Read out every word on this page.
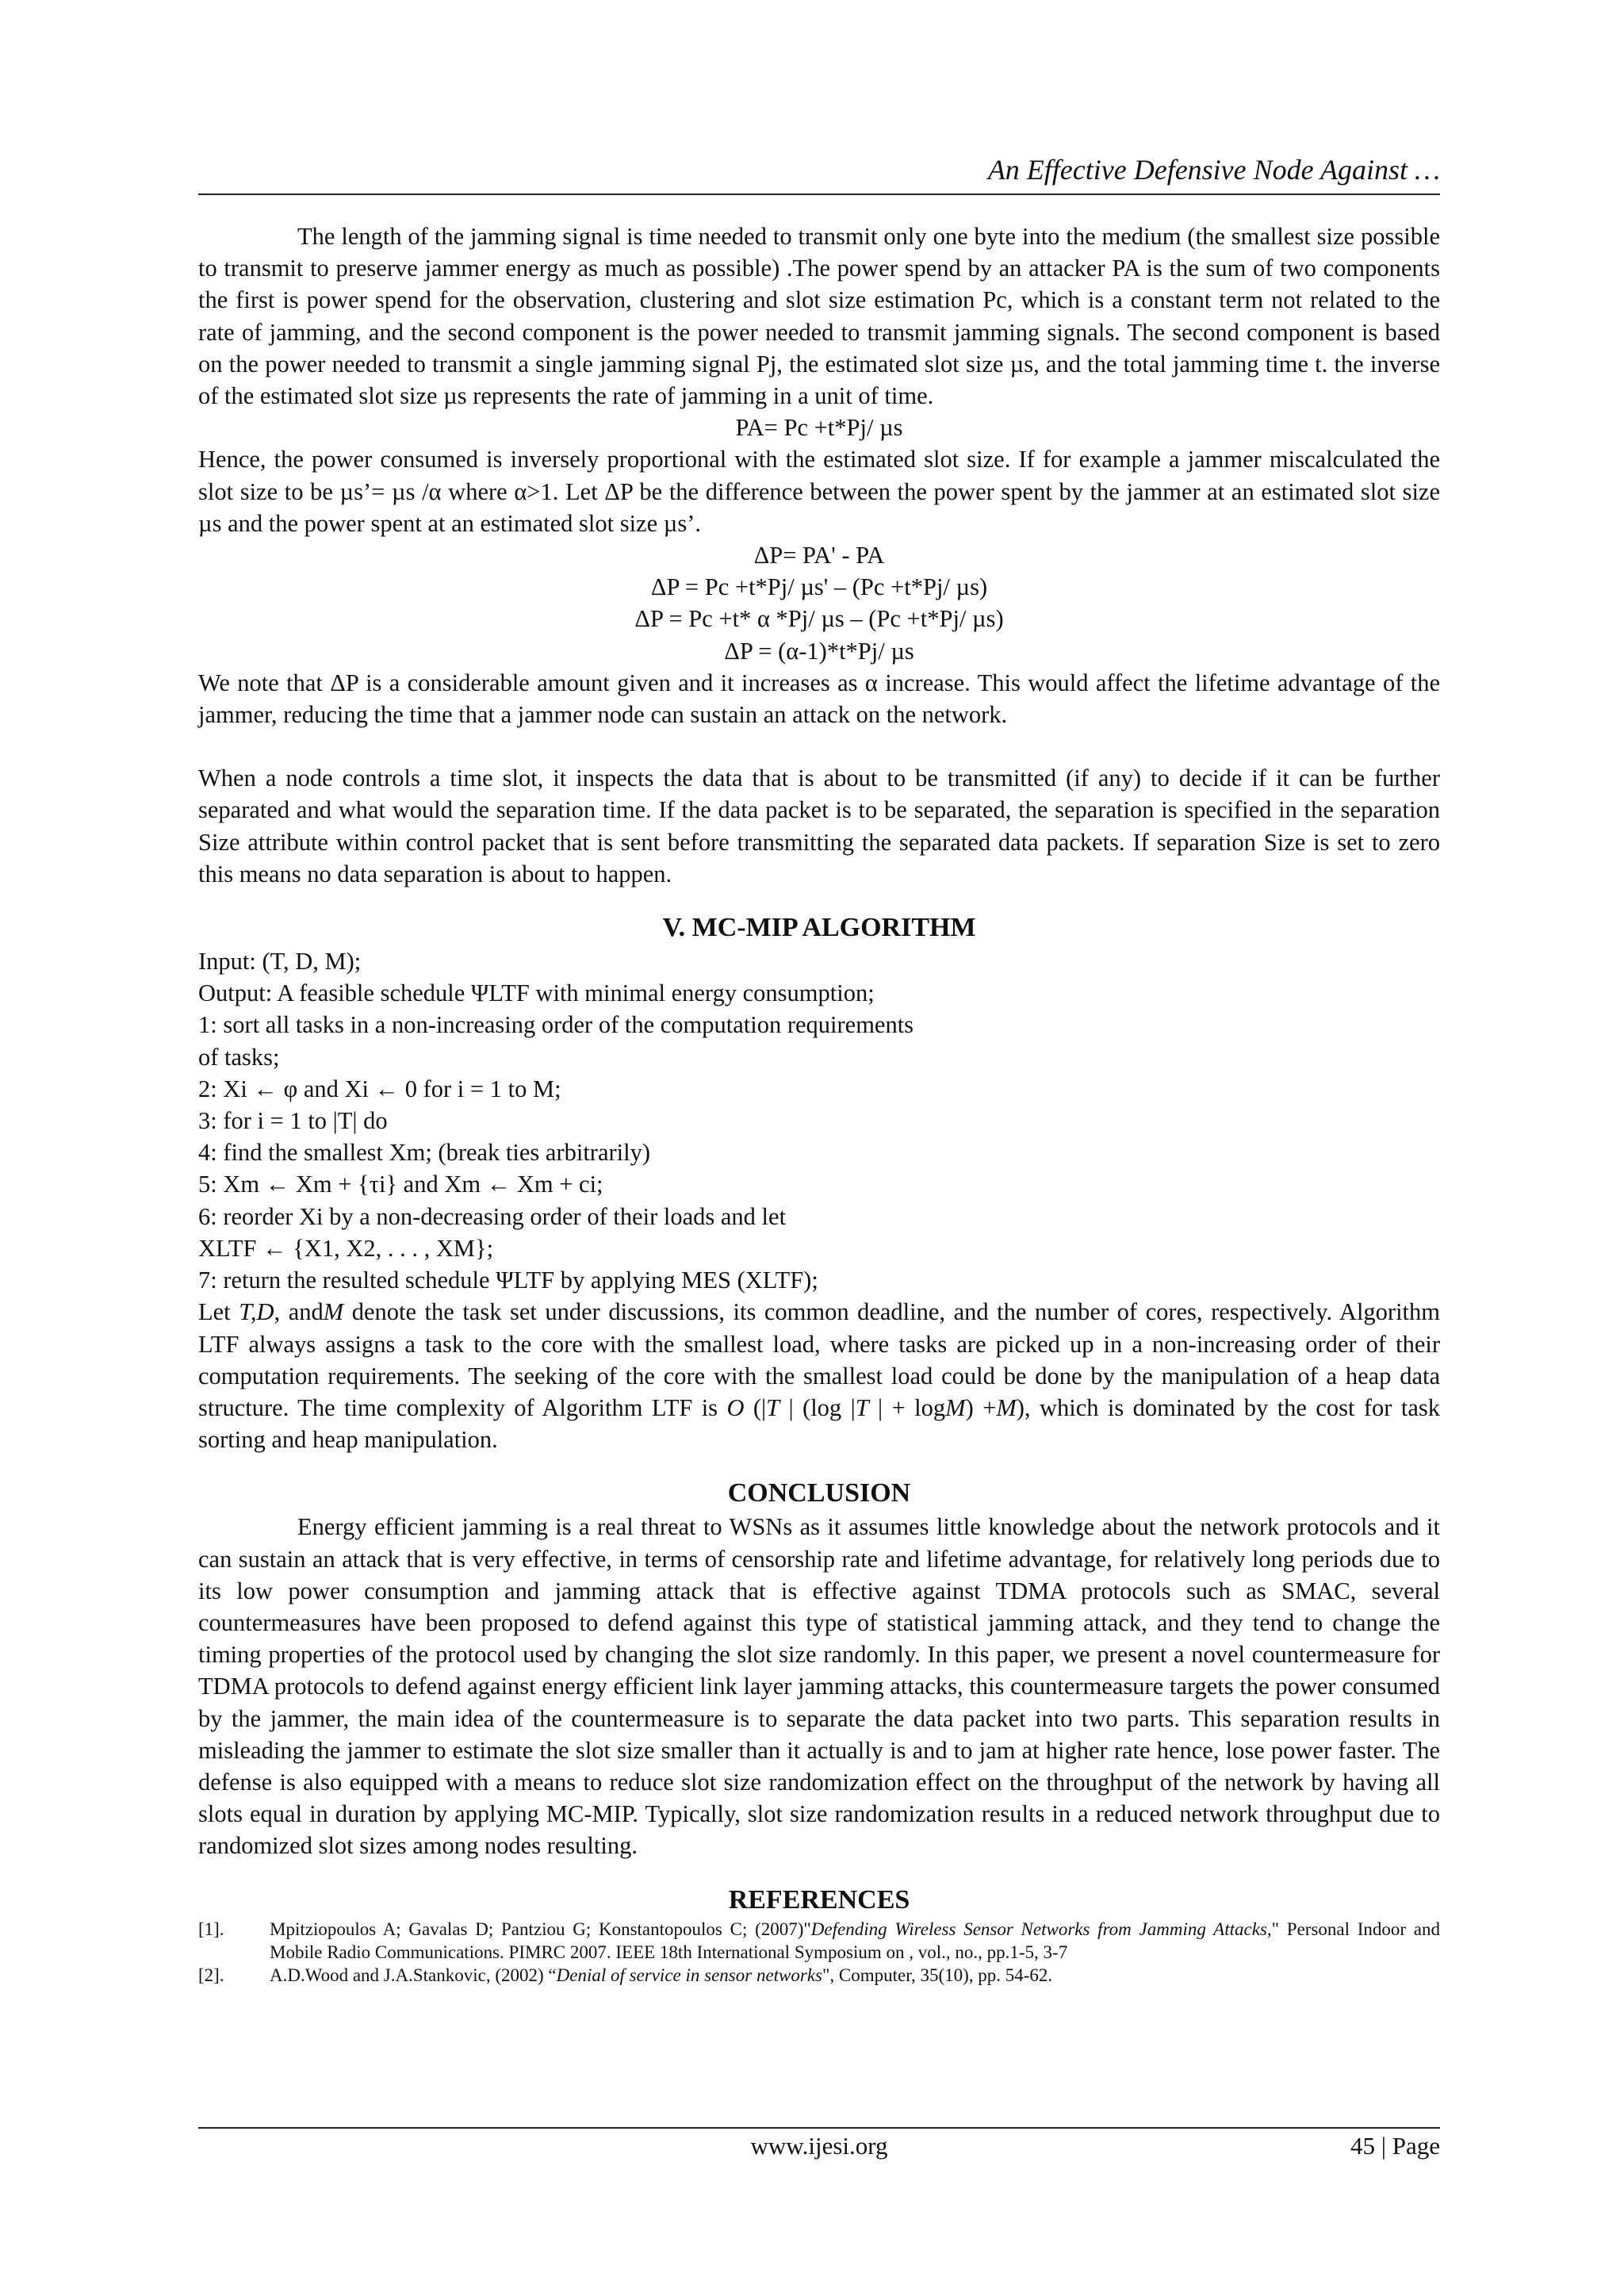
An Effective Defensive Node Against …

The length of the jamming signal is time needed to transmit only one byte into the medium (the smallest size possible to transmit to preserve jammer energy as much as possible) .The power spend by an attacker PA is the sum of two components the first is power spend for the observation, clustering and slot size estimation Pc, which is a constant term not related to the rate of jamming, and the second component is the power needed to transmit jamming signals. The second component is based on the power needed to transmit a single jamming signal Pj, the estimated slot size µs, and the total jamming time t. the inverse of the estimated slot size µs represents the rate of jamming in a unit of time.

PA= Pc +t*Pj/ µs

Hence, the power consumed is inversely proportional with the estimated slot size. If for example a jammer miscalculated the slot size to be µs’= µs /α where α>1. Let ΔP be the difference between the power spent by the jammer at an estimated slot size µs and the power spent at an estimated slot size µs’.

ΔP= PA' - PA

ΔP = Pc +t*Pj/ µs' – (Pc +t*Pj/ µs)

ΔP = Pc +t* α *Pj/ µs – (Pc +t*Pj/ µs)

ΔP = (α-1)*t*Pj/ µs

We note that ΔP is a considerable amount given and it increases as α increase. This would affect the lifetime advantage of the jammer, reducing the time that a jammer node can sustain an attack on the network.

When a node controls a time slot, it inspects the data that is about to be transmitted (if any) to decide if it can be further separated and what would the separation time. If the data packet is to be separated, the separation is specified in the separation Size attribute within control packet that is sent before transmitting the separated data packets. If separation Size is set to zero this means no data separation is about to happen.

V. MC-MIP ALGORITHM

Input: (T, D, M);

Output: A feasible schedule ΨLTF with minimal energy consumption;

1: sort all tasks in a non-increasing order of the computation requirements

of tasks;

2: Xi ← φ and Xi ← 0 for i = 1 to M;

3: for i = 1 to |T| do

4: find the smallest Xm; (break ties arbitrarily)

5: Xm ← Xm + {τi} and Xm ← Xm + ci;

6: reorder Xi by a non-decreasing order of their loads and let

XLTF ← {X1, X2, . . . , XM};

7: return the resulted schedule ΨLTF by applying MES (XLTF);

Let T,D, andM denote the task set under discussions, its common deadline, and the number of cores, respectively. Algorithm LTF always assigns a task to the core with the smallest load, where tasks are picked up in a non-increasing order of their computation requirements. The seeking of the core with the smallest load could be done by the manipulation of a heap data structure. The time complexity of Algorithm LTF is O (|T | (log |T | + logM) +M), which is dominated by the cost for task sorting and heap manipulation.

CONCLUSION

Energy efficient jamming is a real threat to WSNs as it assumes little knowledge about the network protocols and it can sustain an attack that is very effective, in terms of censorship rate and lifetime advantage, for relatively long periods due to its low power consumption and jamming attack that is effective against TDMA protocols such as SMAC, several countermeasures have been proposed to defend against this type of statistical jamming attack, and they tend to change the timing properties of the protocol used by changing the slot size randomly. In this paper, we present a novel countermeasure for TDMA protocols to defend against energy efficient link layer jamming attacks, this countermeasure targets the power consumed by the jammer, the main idea of the countermeasure is to separate the data packet into two parts. This separation results in misleading the jammer to estimate the slot size smaller than it actually is and to jam at higher rate hence, lose power faster. The defense is also equipped with a means to reduce slot size randomization effect on the throughput of the network by having all slots equal in duration by applying MC-MIP. Typically, slot size randomization results in a reduced network throughput due to randomized slot sizes among nodes resulting.

REFERENCES
[1].	Mpitziopoulos A; Gavalas D; Pantziou G; Konstantopoulos C; (2007)"Defending Wireless Sensor Networks from Jamming Attacks," Personal Indoor and Mobile Radio Communications. PIMRC 2007. IEEE 18th International Symposium on , vol., no., pp.1-5, 3-7
[2].	A.D.Wood and J.A.Stankovic, (2002) “Denial of service in sensor networks", Computer, 35(10), pp. 54-62.
www.ijesi.org	45 | Page
